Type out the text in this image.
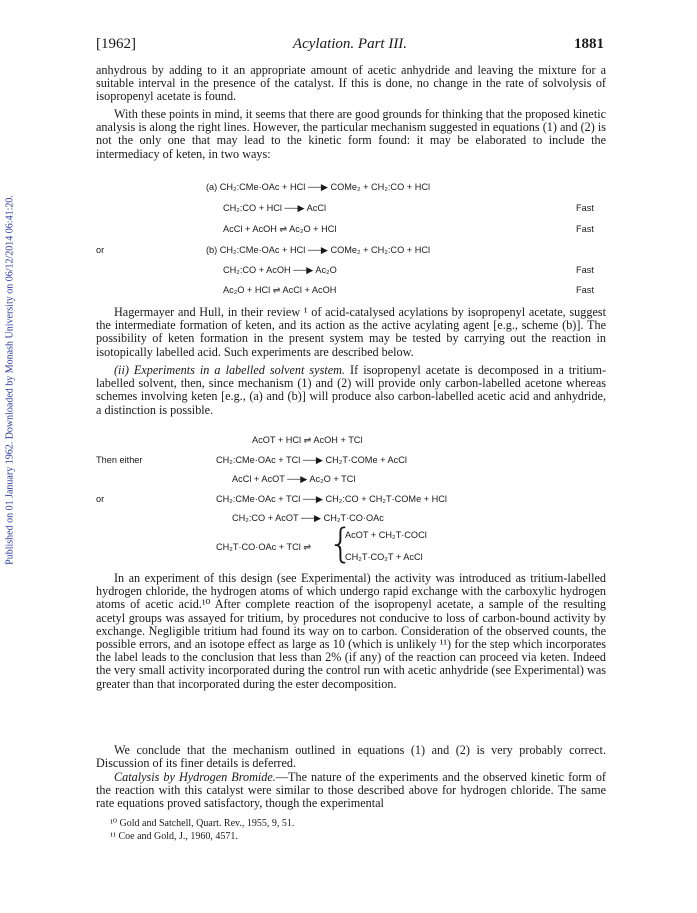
Published on 01 January 1962. Downloaded by Monash University on 06/12/2014 06:41:20.
[1962]	Acylation. Part III.	1881

anhydrous by adding to it an appropriate amount of acetic anhydride and leaving the mixture for a suitable interval in the presence of the catalyst. If this is done, no change in the rate of solvolysis of isopropenyl acetate is found.

With these points in mind, it seems that there are good grounds for thinking that the proposed kinetic analysis is along the right lines. However, the particular mechanism suggested in equations (1) and (2) is not the only one that may lead to the kinetic form found: it may be elaborated to include the intermediacy of keten, in two ways:

(a) CH₂:CMe·OAc + HCl ──▶ COMe₂ + CH₂:CO + HCl
CH₂:CO + HCl ──▶ AcCl	Fast
AcCl + AcOH ⇌ Ac₂O + HCl	Fast
or	(b) CH₂:CMe·OAc + HCl ──▶ COMe₂ + CH₂:CO + HCl
CH₂:CO + AcOH ──▶ Ac₂O	Fast
Ac₂O + HCl ⇌ AcCl + AcOH	Fast

Hagermayer and Hull, in their review ¹ of acid-catalysed acylations by isopropenyl acetate, suggest the intermediate formation of keten, and its action as the active acylating agent [e.g., scheme (b)]. The possibility of keten formation in the present system may be tested by carrying out the reaction in isotopically labelled acid. Such experiments are described below.

(ii) Experiments in a labelled solvent system. If isopropenyl acetate is decomposed in a tritium-labelled solvent, then, since mechanism (1) and (2) will provide only carbon-labelled acetone whereas schemes involving keten [e.g., (a) and (b)] will produce also carbon-labelled acetic acid and anhydride, a distinction is possible.

AcOT + HCl ⇌ AcOH + TCl
Then either	CH₂:CMe·OAc + TCl ──▶ CH₂T·COMe + AcCl
AcCl + AcOT ──▶ Ac₂O + TCl
or	CH₂:CMe·OAc + TCl ──▶ CH₂:CO + CH₂T·COMe + HCl
CH₂:CO + AcOT ──▶ CH₂T·CO·OAc
CH₂T·CO·OAc + TCl ⇌ {
AcOT + CH₂T·COCl
CH₂T·CO₂T + AcCl

In an experiment of this design (see Experimental) the activity was introduced as tritium-labelled hydrogen chloride, the hydrogen atoms of which undergo rapid exchange with the carboxylic hydrogen atoms of acetic acid.¹⁰ After complete reaction of the isopropenyl acetate, a sample of the resulting acetyl groups was assayed for tritium, by procedures not conducive to loss of carbon-bound activity by exchange. Negligible tritium had found its way on to carbon. Consideration of the observed counts, the possible errors, and an isotope effect as large as 10 (which is unlikely ¹¹) for the step which incorporates the label leads to the conclusion that less than 2% (if any) of the reaction can proceed via keten. Indeed the very small activity incorporated during the control run with acetic anhydride (see Experimental) was greater than that incorporated during the ester decomposition.

We conclude that the mechanism outlined in equations (1) and (2) is very probably correct. Discussion of its finer details is deferred.

Catalysis by Hydrogen Bromide.—The nature of the experiments and the observed kinetic form of the reaction with this catalyst were similar to those described above for hydrogen chloride. The same rate equations proved satisfactory, though the experimental

¹⁰ Gold and Satchell, Quart. Rev., 1955, 9, 51.
¹¹ Coe and Gold, J., 1960, 4571.
